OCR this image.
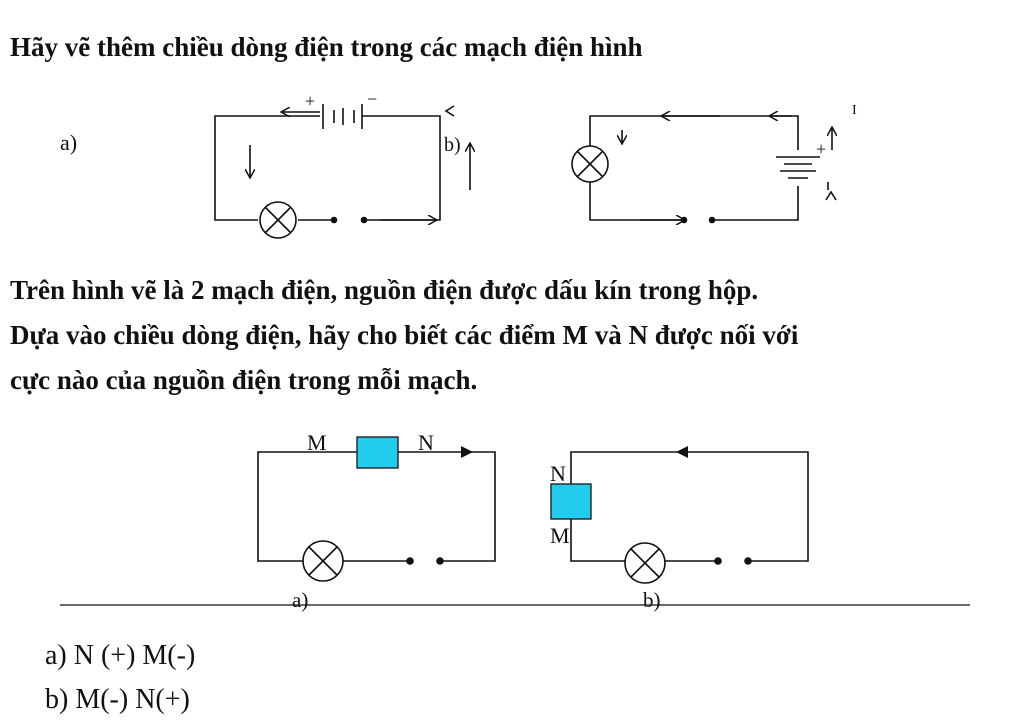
Hãy vẽ thêm chiều dòng điện trong các mạch điện hình
a)
Trên hình vẽ là 2 mạch điện, nguồn điện được dấu kín trong hộp.
Dựa vào chiều dòng điện, hãy cho biết các điểm M và N được nối với
cực nào của nguồn điện trong mỗi mạch.
a) N (+) M(-)
b) M(-) N(+)
+	−
b)	+
I
M	N
a)
N
M
b)
